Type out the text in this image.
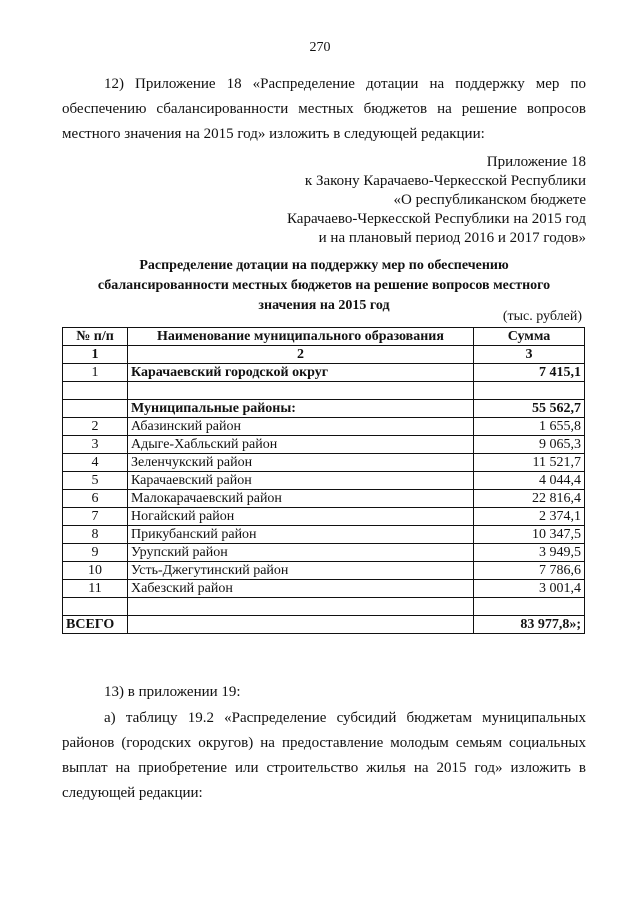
270
12) Приложение 18 «Распределение дотации на поддержку мер по обеспечению сбалансированности местных бюджетов на решение вопросов местного значения на 2015 год» изложить в следующей редакции:
Приложение 18
к Закону Карачаево-Черкесской Республики
«О республиканском бюджете
Карачаево-Черкесской Республики на 2015 год
и на плановый период 2016 и 2017 годов»
Распределение дотации на поддержку мер по обеспечению
сбалансированности местных бюджетов на решение вопросов местного
значения на 2015 год
(тыс. рублей)
№ п/п	Наименование муниципального образования	Сумма
1	2	3
1	Карачаевский городской округ	7 415,1

	Муниципальные районы:	55 562,7
2	Абазинский район	1 655,8
3	Адыге-Хабльский район	9 065,3
4	Зеленчукский район	11 521,7
5	Карачаевский район	4 044,4
6	Малокарачаевский район	22 816,4
7	Ногайский район	2 374,1
8	Прикубанский район	10 347,5
9	Урупский район	3 949,5
10	Усть-Джегутинский район	7 786,6
11	Хабезский район	3 001,4

ВСЕГО		83 977,8»;
13) в приложении 19:
а) таблицу 19.2 «Распределение субсидий бюджетам муниципальных районов (городских округов) на предоставление молодым семьям социальных выплат на приобретение или строительство жилья на 2015 год» изложить в следующей редакции:
